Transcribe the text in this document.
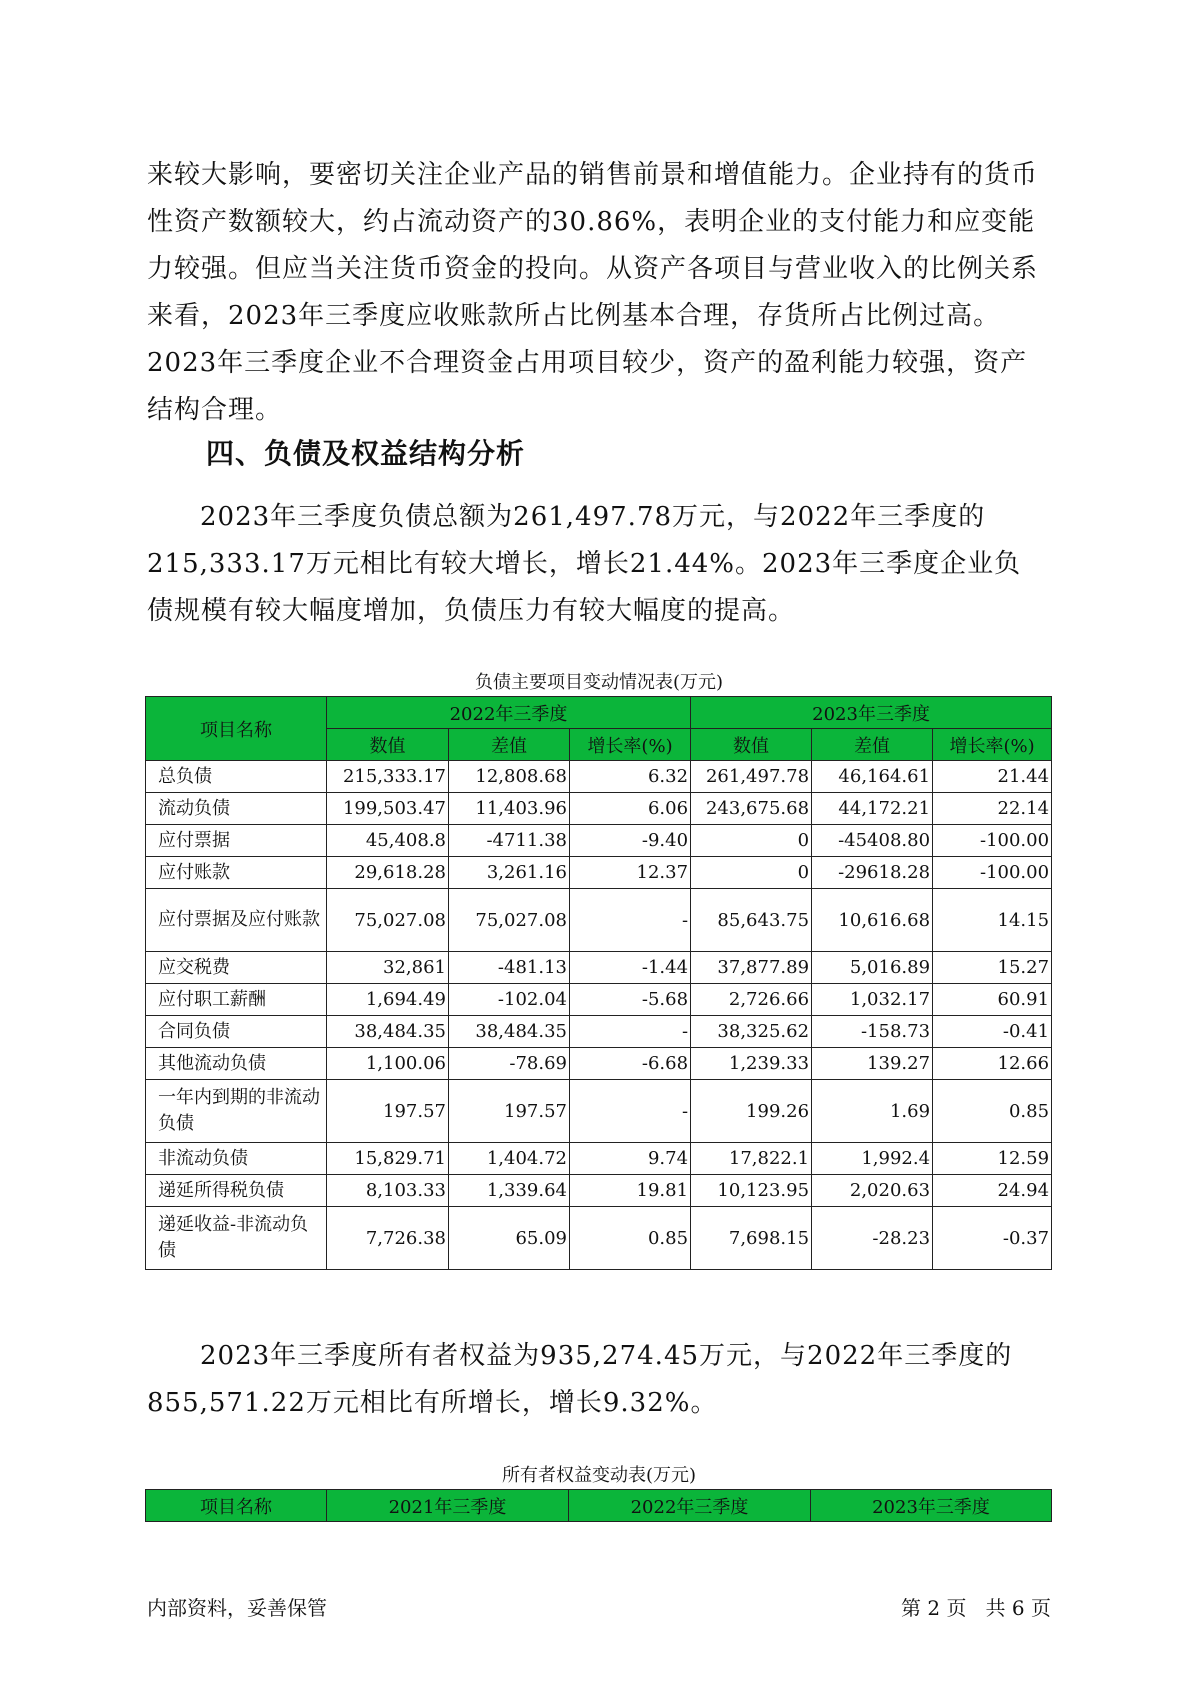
来较大影响，要密切关注企业产品的销售前景和增值能力。企业持有的货币性资产数额较大，约占流动资产的30.86%，表明企业的支付能力和应变能力较强。但应当关注货币资金的投向。从资产各项目与营业收入的比例关系来看，2023年三季度应收账款所占比例基本合理，存货所占比例过高。2023年三季度企业不合理资金占用项目较少，资产的盈利能力较强，资产结构合理。

四、负债及权益结构分析

2023年三季度负债总额为261,497.78万元，与2022年三季度的215,333.17万元相比有较大增长，增长21.44%。2023年三季度企业负债规模有较大幅度增加，负债压力有较大幅度的提高。

负债主要项目变动情况表(万元)
项目名称	2022年三季度			2023年三季度		
	数值	差值	增长率(%)	数值	差值	增长率(%)
总负债	215,333.17	12,808.68	6.32	261,497.78	46,164.61	21.44
流动负债	199,503.47	11,403.96	6.06	243,675.68	44,172.21	22.14
应付票据	45,408.8	-4711.38	-9.40	0	-45408.80	-100.00
应付账款	29,618.28	3,261.16	12.37	0	-29618.28	-100.00
应付票据及应付账款	75,027.08	75,027.08	-	85,643.75	10,616.68	14.15
应交税费	32,861	-481.13	-1.44	37,877.89	5,016.89	15.27
应付职工薪酬	1,694.49	-102.04	-5.68	2,726.66	1,032.17	60.91
合同负债	38,484.35	38,484.35	-	38,325.62	-158.73	-0.41
其他流动负债	1,100.06	-78.69	-6.68	1,239.33	139.27	12.66
一年内到期的非流动负债	197.57	197.57	-	199.26	1.69	0.85
非流动负债	15,829.71	1,404.72	9.74	17,822.1	1,992.4	12.59
递延所得税负债	8,103.33	1,339.64	19.81	10,123.95	2,020.63	24.94
递延收益-非流动负债	7,726.38	65.09	0.85	7,698.15	-28.23	-0.37

2023年三季度所有者权益为935,274.45万元，与2022年三季度的855,571.22万元相比有所增长，增长9.32%。

所有者权益变动表(万元)
项目名称	2021年三季度	2022年三季度	2023年三季度
内部资料，妥善保管	第 2 页   共 6 页
